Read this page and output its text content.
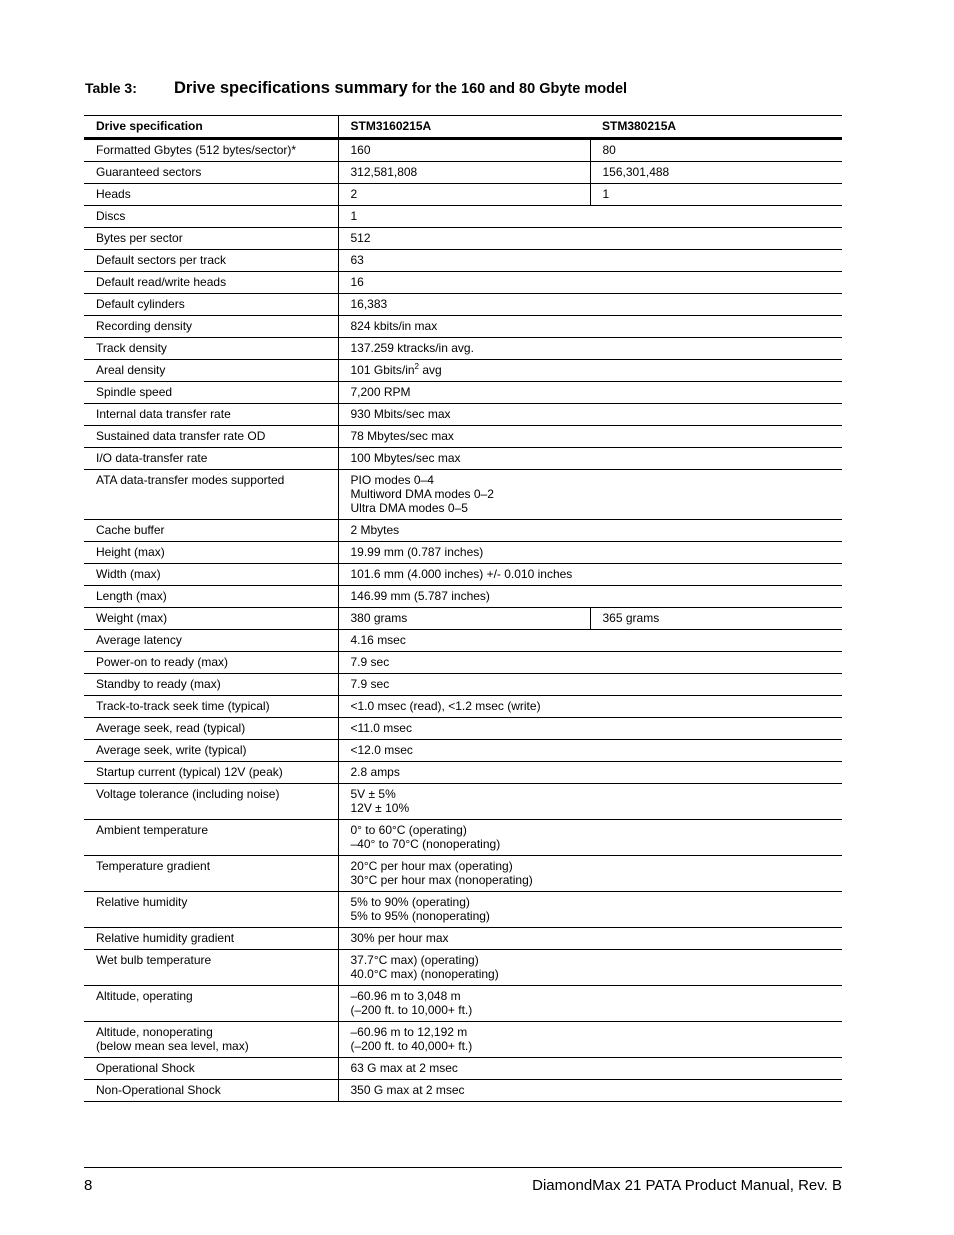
Table 3: Drive specifications summary for the 160 and 80 Gbyte model
Drive specification	STM3160215A	STM380215A
Formatted Gbytes (512 bytes/sector)*	160	80
Guaranteed sectors	312,581,808	156,301,488
Heads	2	1
Discs	1	
Bytes per sector	512	
Default sectors per track	63	
Default read/write heads	16	
Default cylinders	16,383	
Recording density	824 kbits/in max	
Track density	137.259 ktracks/in avg.	
Areal density	101 Gbits/$in^2$ avg	
Spindle speed	7,200 RPM	
Internal data transfer rate	930 Mbits/sec max	
Sustained data transfer rate OD	78 Mbytes/sec max	
I/O data-transfer rate	100 Mbytes/sec max	
ATA data-transfer modes supported	PIO modes 0–4
Multiword DMA modes 0–2
Ultra DMA modes 0–5	
Cache buffer	2 Mbytes	
Height (max)	19.99 mm (0.787 inches)	
Width (max)	101.6 mm (4.000 inches) +/- 0.010 inches	
Length (max)	146.99 mm (5.787 inches)	
Weight (max)	380 grams	365 grams
Average latency	4.16 msec	
Power-on to ready (max)	7.9 sec	
Standby to ready (max)	7.9 sec	
Track-to-track seek time (typical)	<1.0 msec (read), <1.2 msec (write)	
Average seek, read (typical)	<11.0 msec	
Average seek, write (typical)	<12.0 msec	
Startup current (typical) 12V (peak)	2.8 amps	
Voltage tolerance (including noise)	5V ± 5%
12V ± 10%	
Ambient temperature	0° to 60°C (operating)
–40° to 70°C (nonoperating)	
Temperature gradient	20°C per hour max (operating)
30°C per hour max (nonoperating)	
Relative humidity	5% to 90% (operating)
5% to 95% (nonoperating)	
Relative humidity gradient	30% per hour max	
Wet bulb temperature	37.7°C max) (operating)
40.0°C max) (nonoperating)	
Altitude, operating	–60.96 m to 3,048 m
(–200 ft. to 10,000+ ft.)	
Altitude, nonoperating
(below mean sea level, max)	–60.96 m to 12,192 m
(–200 ft. to 40,000+ ft.)	
Operational Shock	63 G max at 2 msec	
Non-Operational Shock	350 G max at 2 msec	
8	DiamondMax 21 PATA Product Manual, Rev. B
